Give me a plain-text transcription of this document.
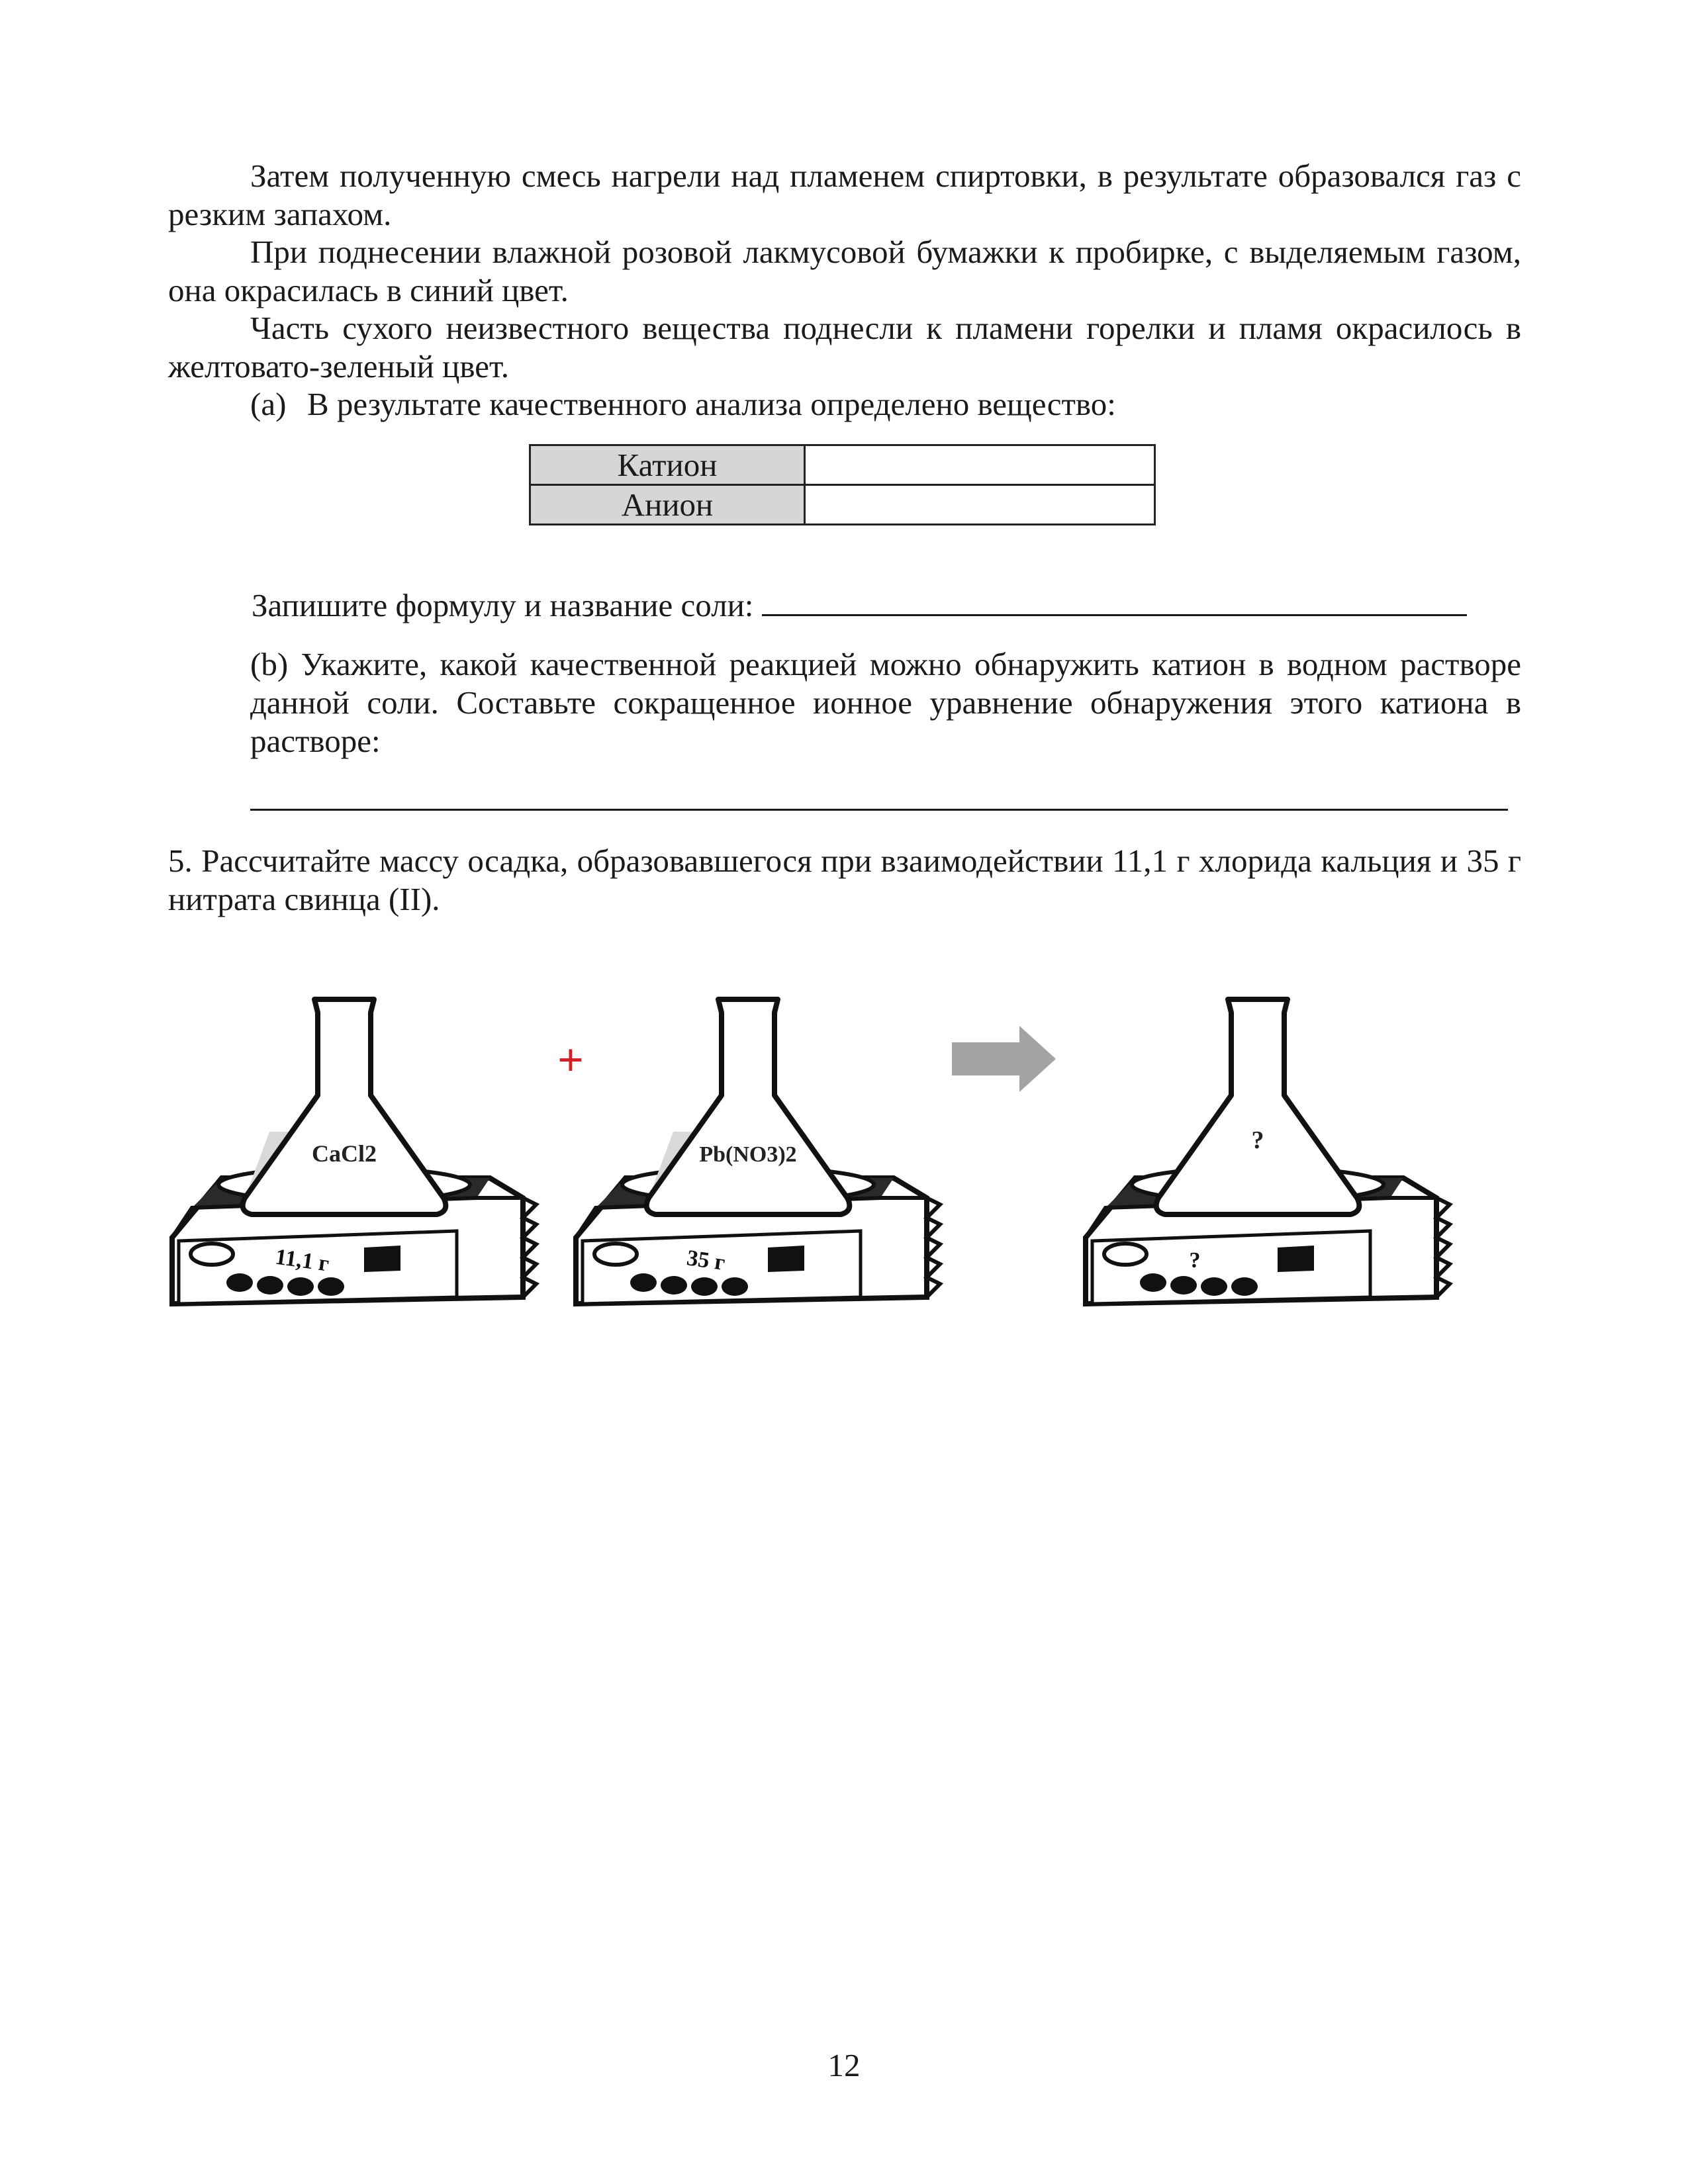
Затем полученную смесь нагрели над пламенем спиртовки, в результате образовался газ с резким запахом.

При поднесении влажной розовой лакмусовой бумажки к пробирке, с выделяемым газом, она окрасилась в синий цвет.

Часть сухого неизвестного вещества поднесли к пламени горелки и пламя окрасилось в желтовато-зеленый цвет.

(a) В результате качественного анализа определено вещество:
Катион	
Анион	
Запишите формулу и название соли:

(b) Укажите, какой качественной реакцией можно обнаружить катион в водном растворе данной соли. Составьте сокращенное ионное уравнение обнаружения этого катиона в растворе:

5. Рассчитайте массу осадка, образовавшегося при взаимодействии 11,1 г хлорида кальция и 35 г нитрата свинца (II).

CaCl2
11,1 г
+
Pb(NO3)2
35 г
?
?
12
